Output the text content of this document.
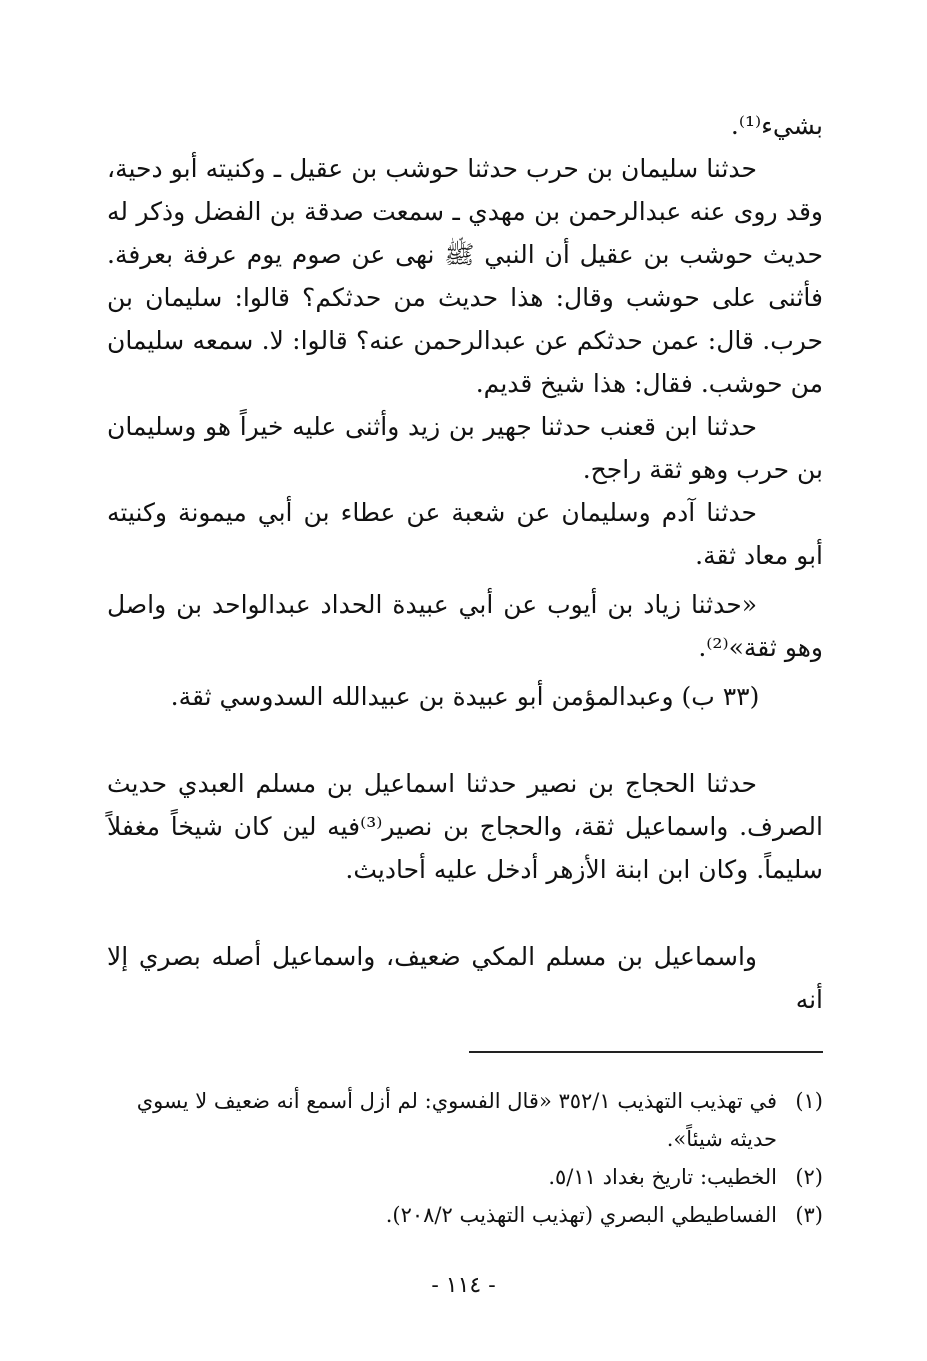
بشيء⁽¹⁾.

حدثنا سليمان بن حرب حدثنا حوشب بن عقيل ـ وكنيته أبو دحية، وقد روى عنه عبدالرحمن بن مهدي ـ سمعت صدقة بن الفضل وذكر له حديث حوشب بن عقيل أن النبي ﷺ نهى عن صوم يوم عرفة بعرفة. فأثنى على حوشب وقال: هذا حديث من حدثكم؟ قالوا: سليمان بن حرب. قال: عمن حدثكم عن عبدالرحمن عنه؟ قالوا: لا. سمعه سليمان من حوشب. فقال: هذا شيخ قديم.

حدثنا ابن قعنب حدثنا جهير بن زيد وأثنى عليه خيراً هو وسليمان بن حرب وهو ثقة راجح.

حدثنا آدم وسليمان عن شعبة عن عطاء بن أبي ميمونة وكنيته أبو معاد ثقة.

«حدثنا زياد بن أيوب عن أبي عبيدة الحداد عبدالواحد بن واصل وهو ثقة»⁽²⁾.

(٣٣ ب) وعبدالمؤمن أبو عبيدة بن عبيدالله السدوسي ثقة.

حدثنا الحجاج بن نصير حدثنا اسماعيل بن مسلم العبدي حديث الصرف. واسماعيل ثقة، والحجاج بن نصير⁽³⁾فيه لين كان شيخاً مغفلاً سليماً. وكان ابن ابنة الأزهر أدخل عليه أحاديث.

واسماعيل بن مسلم المكي ضعيف، واسماعيل أصله بصري إلا أنه

(١)
في تهذيب التهذيب ٣٥٢/١ «قال الفسوي: لم أزل أسمع أنه ضعيف لا يسوي حديثه شيئاً».
(٢)
الخطيب: تاريخ بغداد ٥/١١.
(٣)
الفساطيطي البصري (تهذيب التهذيب ٢٠٨/٢).
- ١١٤ -
